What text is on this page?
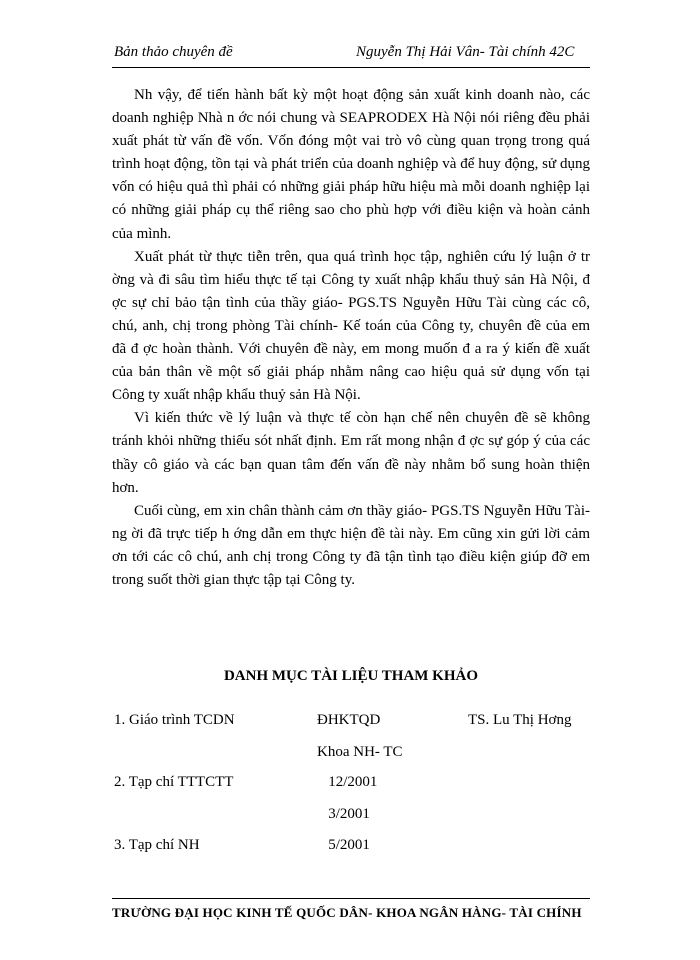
Bản thảo chuyên đề	Nguyễn Thị Hải Vân- Tài chính 42C

Nh vậy, để tiến hành bất kỳ một hoạt động sản xuất kinh doanh nào, các doanh nghiệp Nhà n ớc nói chung và SEAPRODEX Hà Nội nói riêng đều phải xuất phát từ vấn đề vốn. Vốn đóng một vai trò vô cùng quan trọng trong quá trình hoạt động, tồn tại và phát triển của doanh nghiệp và để huy động, sử dụng vốn có hiệu quả thì phải có những giải pháp hữu hiệu mà mỗi doanh nghiệp lại có những giải pháp cụ thể riêng sao cho phù hợp với điều kiện và hoàn cảnh của mình.

Xuất phát từ thực tiễn trên, qua quá trình học tập, nghiên cứu lý luận ở tr ờng và đi sâu tìm hiểu thực tế tại Công ty xuất nhập khẩu thuỷ sản Hà Nội, đ ợc sự chỉ bảo tận tình của thầy giáo- PGS.TS Nguyễn Hữu Tài cùng các cô, chú, anh, chị trong phòng Tài chính- Kế toán của Công ty, chuyên đề của em đã đ ợc hoàn thành. Với chuyên đề này, em mong muốn đ a ra ý kiến đề xuất của bản thân về một số giải pháp nhằm nâng cao hiệu quả sử dụng vốn tại Công ty xuất nhập khẩu thuỷ sản Hà Nội.

Vì kiến thức về lý luận và thực tế còn hạn chế nên chuyên đề sẽ không tránh khỏi những thiếu sót nhất định. Em rất mong nhận đ ợc sự góp ý của các thầy cô giáo và các bạn quan tâm đến vấn đề này nhằm bổ sung hoàn thiện hơn.

Cuối cùng, em xin chân thành cảm ơn thầy giáo- PGS.TS Nguyễn Hữu Tài- ng ời đã trực tiếp h ớng dẫn em thực hiện đề tài này. Em cũng xin gửi lời cảm ơn tới các cô chú, anh chị trong Công ty đã tận tình tạo điều kiện giúp đỡ em trong suốt thời gian thực tập tại Công ty.

DANH MỤC TÀI LIỆU THAM KHẢO
1. Giáo trình TCDN	ĐHKTQD	TS. Lu Thị Hơng
Khoa NH- TC
2. Tạp chí TTTCTT	12/2001
3/2001
3. Tạp chí NH	5/2001
TRƯỜNG ĐẠI HỌC KINH TẾ QUỐC DÂN- KHOA NGÂN HÀNG- TÀI CHÍNH
